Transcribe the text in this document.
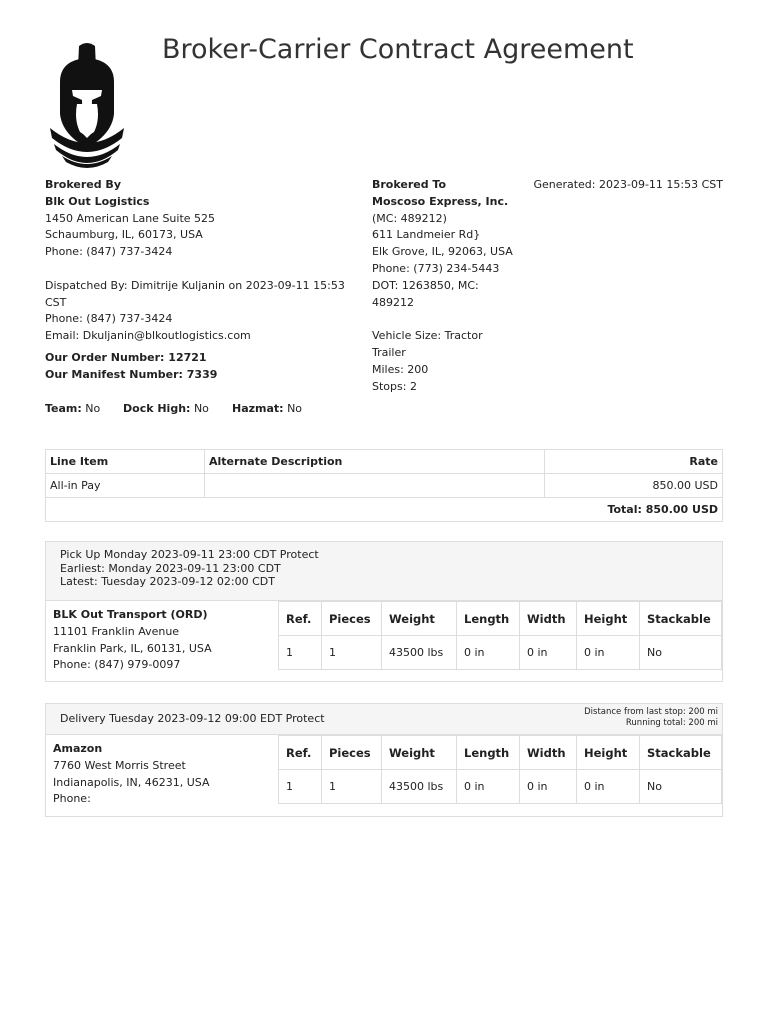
Broker-Carrier Contract Agreement
Brokered By
Blk Out Logistics
1450 American Lane Suite 525
Schaumburg, IL, 60173, USA
Phone: (847) 737-3424
Dispatched By: Dimitrije Kuljanin on 2023-09-11 15:53
CST
Phone: (847) 737-3424
Email: Dkuljanin@blkoutlogistics.com
Our Order Number: 12721
Our Manifest Number: 7339
Team: No Dock High: No Hazmat: No
Brokered To
Moscoso Express, Inc.
(MC: 489212)
611 Landmeier Rd}
Elk Grove, IL, 92063, USA
Phone: (773) 234-5443
DOT: 1263850, MC:
489212
Vehicle Size: Tractor
Trailer
Miles: 200
Stops: 2
Generated: 2023-09-11 15:53 CST
Line Item	Alternate Description	Rate
All-in Pay		850.00 USD
Total: 850.00 USD		
Pick Up Monday 2023-09-11 23:00 CDT Protect
Earliest: Monday 2023-09-11 23:00 CDT
Latest: Tuesday 2023-09-12 02:00 CDT
BLK Out Transport (ORD)
11101 Franklin Avenue
Franklin Park, IL, 60131, USA
Phone: (847) 979-0097
Ref.	Pieces	Weight	Length	Width	Height	Stackable
1	1	43500 lbs	0 in	0 in	0 in	No
Delivery Tuesday 2023-09-12 09:00 EDT Protect	Distance from last stop: 200 mi
Running total: 200 mi
Amazon
7760 West Morris Street
Indianapolis, IN, 46231, USA
Phone:
Ref.	Pieces	Weight	Length	Width	Height	Stackable
1	1	43500 lbs	0 in	0 in	0 in	No
